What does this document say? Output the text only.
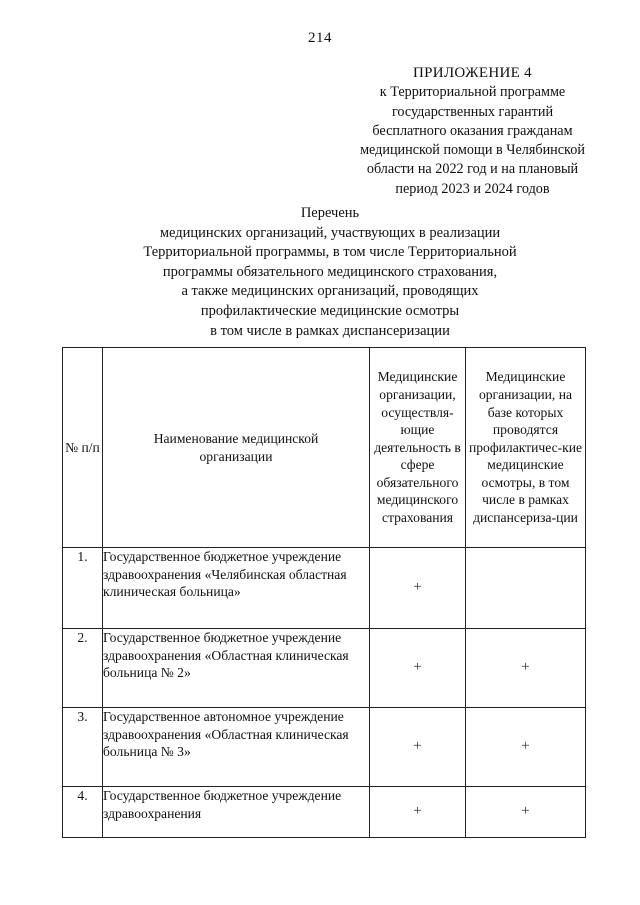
214
ПРИЛОЖЕНИЕ 4
к Территориальной программе
государственных гарантий
бесплатного оказания гражданам
медицинской помощи в Челябинской
области на 2022 год и на плановый
период 2023 и 2024 годов
Перечень
медицинских организаций, участвующих в реализации
Территориальной программы, в том числе Территориальной
программы обязательного медицинского страхования,
а также медицинских организаций, проводящих
профилактические медицинские осмотры
в том числе в рамках диспансеризации
№ п/п	Наименование медицинской организации	Медицинские организации, осуществля-ющие деятельность в сфере обязательного медицинского страхования	Медицинские организации, на базе которых проводятся профилактичес-кие медицинские осмотры, в том числе в рамках диспансериза-ции

1.	Государственное бюджетное учреждение здравоохранения «Челябинская областная клиническая больница»	+	
2.	Государственное бюджетное учреждение здравоохранения «Областная клиническая больница № 2»	+	+
3.	Государственное автономное учреждение здравоохранения «Областная клиническая больница № 3»	+	+
4.	Государственное бюджетное учреждение здравоохранения	+	+
